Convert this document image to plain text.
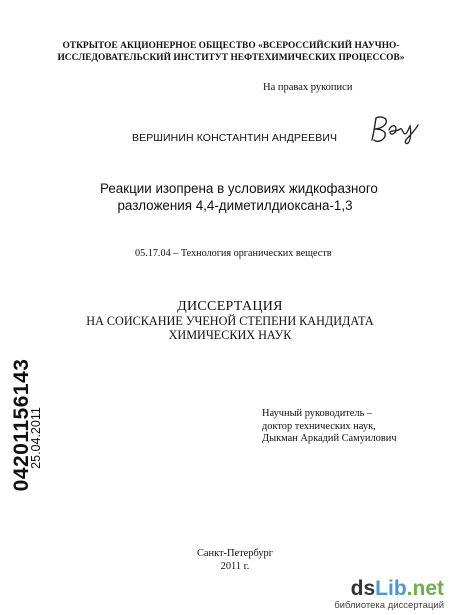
ОТКРЫТОЕ АКЦИОНЕРНОЕ ОБЩЕСТВО «ВСЕРОССИЙСКИЙ НАУЧНО-
ИССЛЕДОВАТЕЛЬСКИЙ ИНСТИТУТ НЕФТЕХИМИЧЕСКИХ ПРОЦЕССОВ»
На правах рукописи
ВЕРШИНИН КОНСТАНТИН АНДРЕЕВИЧ
Реакции изопрена в условиях жидкофазного
разложения 4,4-диметилдиоксана-1,3
05.17.04 – Технология органических веществ
ДИССЕРТАЦИЯ
НА СОИСКАНИЕ УЧЕНОЙ СТЕПЕНИ КАНДИДАТА
ХИМИЧЕСКИХ НАУК
Научный руководитель –
доктор технических наук,
Дыкман Аркадий Самуилович
Санкт-Петербург
2011 г.
04201156143
25.04.2011
dsLib.net
библиотека диссертаций
